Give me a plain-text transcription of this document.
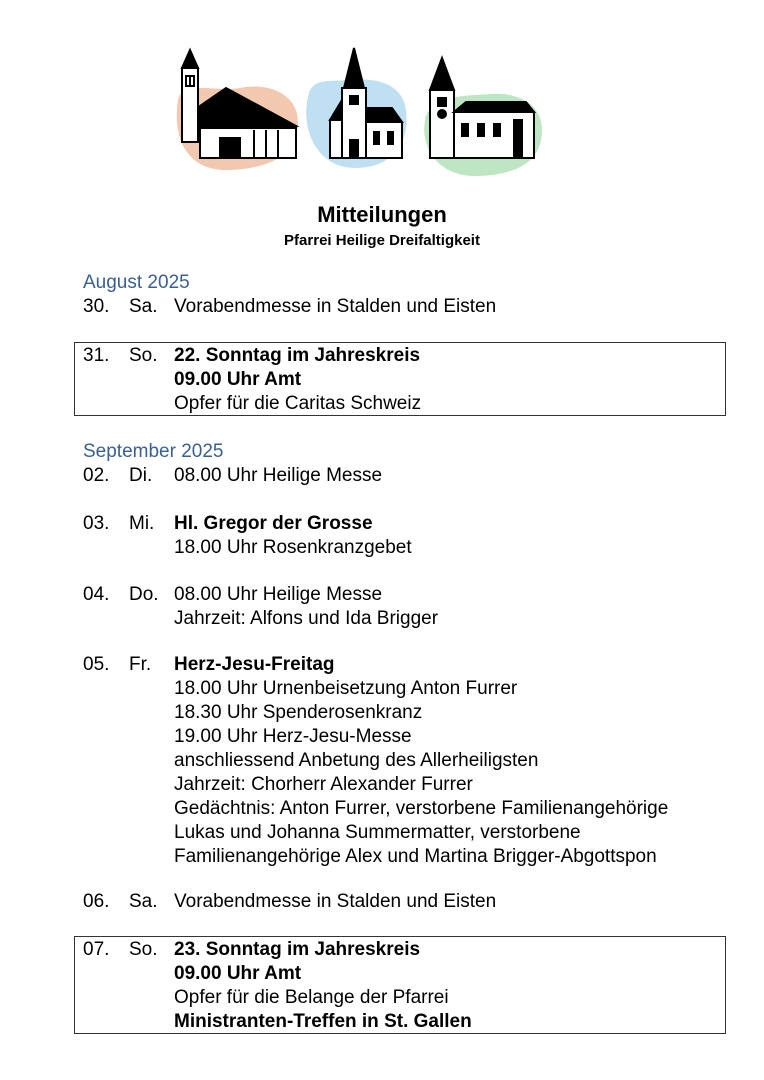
Mitteilungen
Pfarrei Heilige Dreifaltigkeit
August 2025
30.	Sa. Vorabendmesse in Stalden und Eisten
31.	So. 22. Sonntag im Jahreskreis
09.00 Uhr Amt
Opfer für die Caritas Schweiz
September 2025
02.	Di.	08.00 Uhr Heilige Messe
03.	Mi.	Hl. Gregor der Grosse
18.00 Uhr Rosenkranzgebet
04.	Do. 08.00 Uhr Heilige Messe
Jahrzeit: Alfons und Ida Brigger
05.	Fr.	Herz-Jesu-Freitag
18.00 Uhr Urnenbeisetzung Anton Furrer
18.30 Uhr Spenderosenkranz
19.00 Uhr Herz-Jesu-Messe
anschliessend Anbetung des Allerheiligsten
Jahrzeit: Chorherr Alexander Furrer
Gedächtnis: Anton Furrer, verstorbene Familienangehörige
Lukas und Johanna Summermatter, verstorbene
Familienangehörige Alex und Martina Brigger-Abgottspon
06.	Sa. Vorabendmesse in Stalden und Eisten
07.	So. 23. Sonntag im Jahreskreis
09.00 Uhr Amt
Opfer für die Belange der Pfarrei
Ministranten-Treffen in St. Gallen
